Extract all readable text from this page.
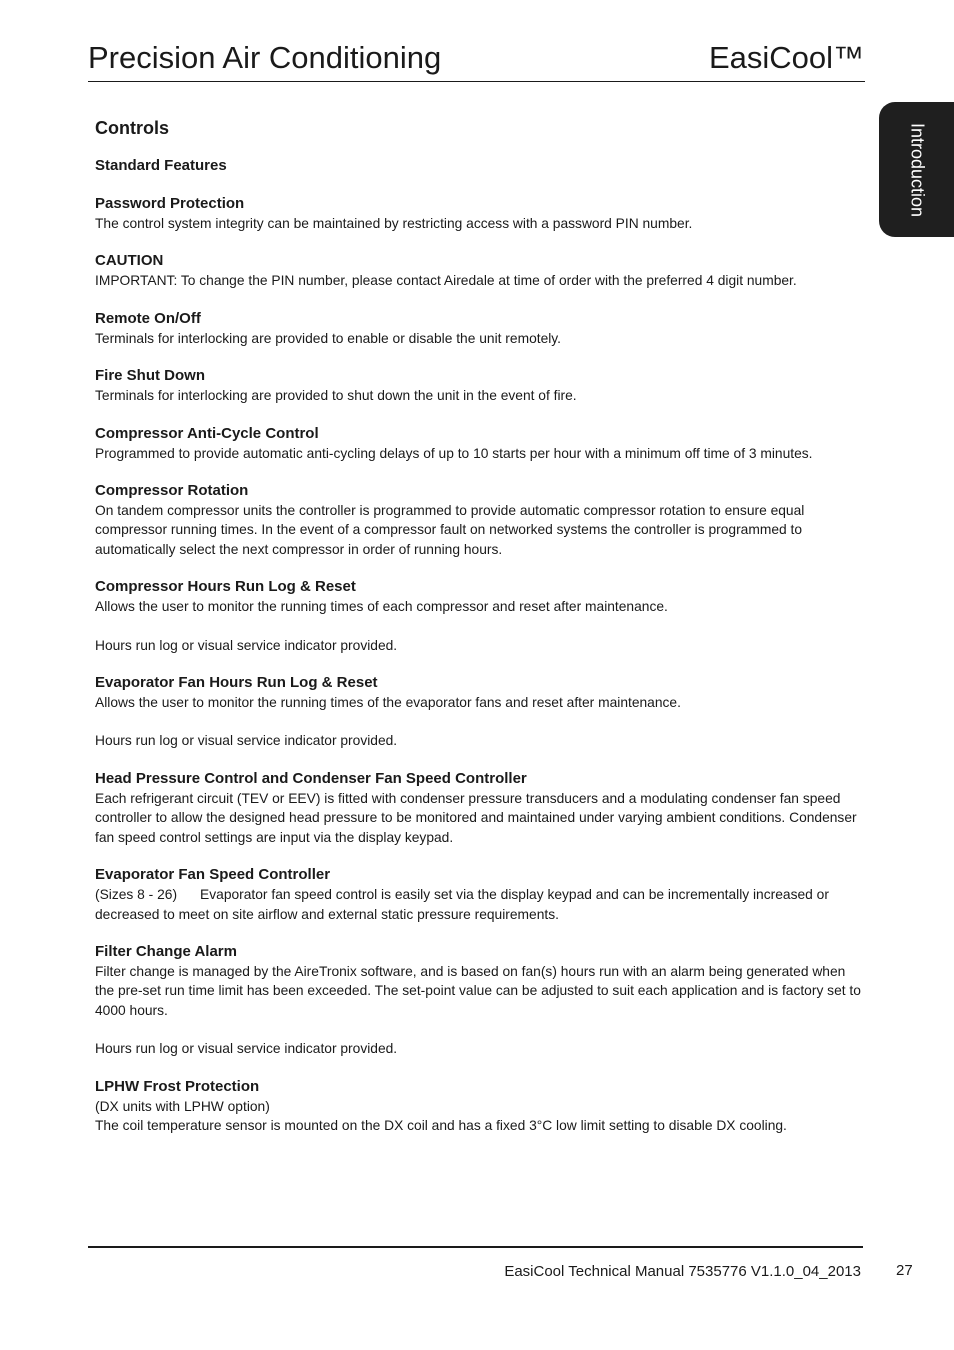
Precision Air Conditioning	EasiCool™
Introduction
Controls
Standard Features
Password Protection

The control system integrity can be maintained by restricting access with a password PIN number.

CAUTION

IMPORTANT: To change the PIN number, please contact Airedale at time of order with the preferred 4 digit number.

Remote On/Off

Terminals for interlocking are provided to enable or disable the unit remotely.

Fire Shut Down

Terminals for interlocking are provided to shut down the unit in the event of fire.

Compressor Anti-Cycle Control

Programmed to provide automatic anti-cycling delays of up to 10 starts per hour with a minimum off time of 3 minutes.

Compressor Rotation

On tandem compressor units the controller is programmed to provide automatic compressor rotation to ensure equal compressor running times. In the event of a compressor fault on networked systems the controller is programmed to automatically select the next compressor in order of running hours.

Compressor Hours Run Log & Reset

Allows the user to monitor the running times of each compressor and reset after maintenance.

Hours run log or visual service indicator provided.

Evaporator Fan Hours Run Log & Reset

Allows the user to monitor the running times of the evaporator fans and reset after maintenance.

Hours run log or visual service indicator provided.

Head Pressure Control and Condenser Fan Speed Controller

Each refrigerant circuit (TEV or EEV) is fitted with condenser pressure transducers and a modulating condenser fan speed controller to allow the designed head pressure to be monitored and maintained under varying ambient conditions. Condenser fan speed control settings are input via the display keypad.

Evaporator Fan Speed Controller

(Sizes 8 - 26)      Evaporator fan speed control is easily set via the display keypad and can be incrementally increased or decreased to meet on site airflow and external static pressure requirements.

Filter Change Alarm

Filter change is managed by the AireTronix software, and is based on fan(s) hours run with an alarm being generated when the pre-set run time limit has been exceeded. The set-point value can be adjusted to suit each application and is factory set to 4000 hours.

Hours run log or visual service indicator provided.

LPHW Frost Protection

(DX units with LPHW option)

The coil temperature sensor is mounted on the DX coil and has a fixed 3°C low limit setting to disable DX cooling.

EasiCool Technical Manual 7535776 V1.1.0_04_2013 27
